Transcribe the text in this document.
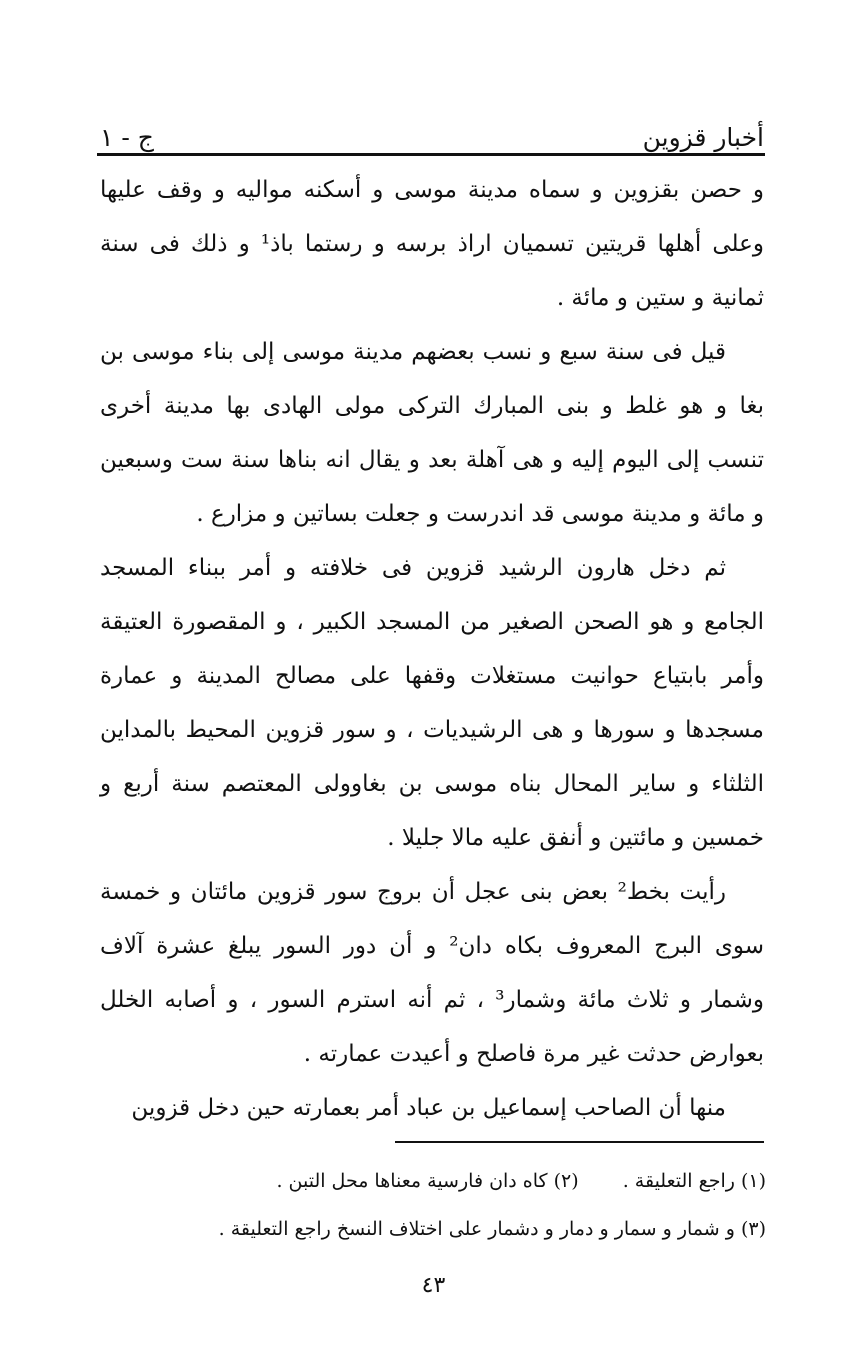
أخبار قزوين
ج - ١

و حصن بقزوين و سماه مدينة موسى و أسكنه مواليه و وقف عليها وعلى أهلها قريتين تسميان اراذ برسه و رستما باذ¹ و ذلك فى سنة ثمانية و ستين و مائة .

قيل فى سنة سبع و نسب بعضهم مدينة موسى إلى بناء موسى بن بغا و هو غلط و بنى المبارك التركى مولى الهادى بها مدينة أخرى تنسب إلى اليوم إليه و هى آهلة بعد و يقال انه بناها سنة ست وسبعين و مائة و مدينة موسى قد اندرست و جعلت بساتين و مزارع .

ثم دخل هارون الرشيد قزوين فى خلافته و أمر ببناء المسجد الجامع و هو الصحن الصغير من المسجد الكبير ، و المقصورة العتيقة وأمر بابتياع حوانيت مستغلات وقفها على مصالح المدينة و عمارة مسجدها و سورها و هى الرشيديات ، و سور قزوين المحيط بالمداين الثلثاء و ساير المحال بناه موسى بن بغاوولى المعتصم سنة أربع و خمسين و مائتين و أنفق عليه مالا جليلا .

رأيت بخط² بعض بنى عجل أن بروج سور قزوين مائتان و خمسة سوى البرج المعروف بكاه دان² و أن دور السور يبلغ عشرة آلاف وشمار و ثلاث مائة وشمار³ ، ثم أنه استرم السور ، و أصابه الخلل بعوارض حدثت غير مرة فاصلح و أعيدت عمارته .

منها أن الصاحب إسماعيل بن عباد أمر بعمارته حين دخل قزوين

(١) راجع التعليقة .(٢) كاه دان فارسية معناها محل التبن .
(٣) و شمار و سمار و دمار و دشمار على اختلاف النسخ راجع التعليقة .
٤٣
